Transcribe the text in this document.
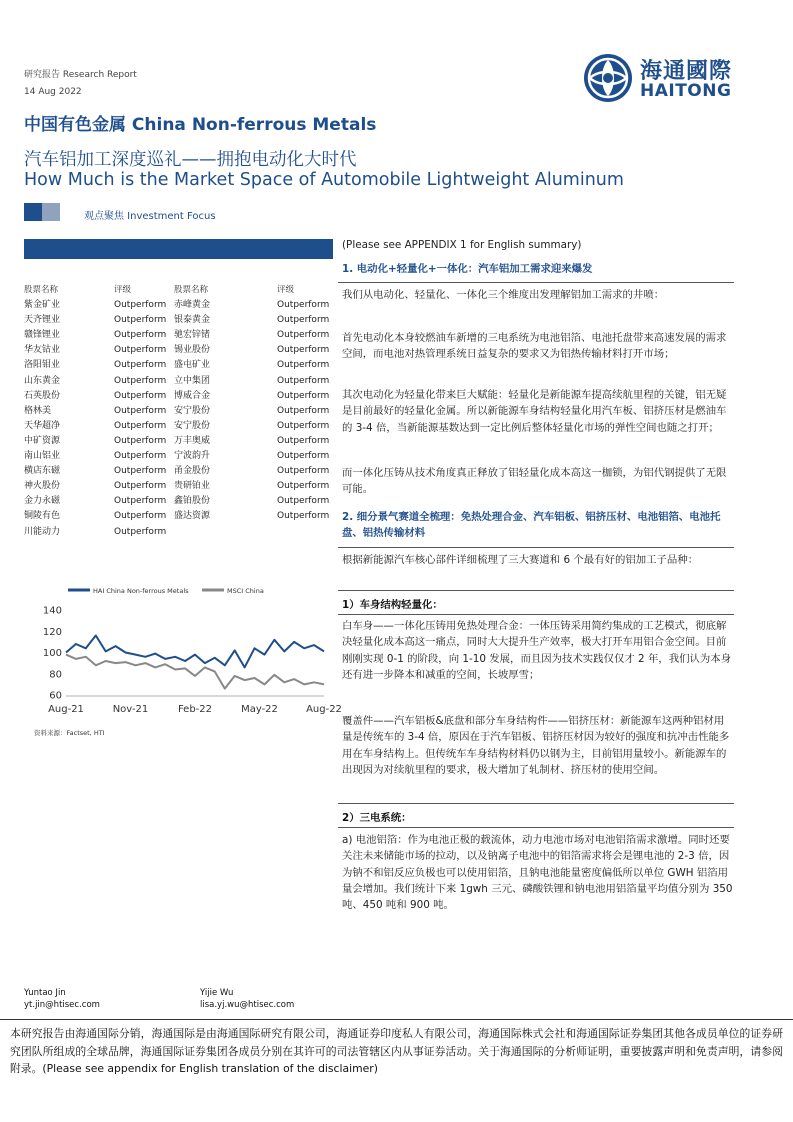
研究报告 Research Report
14 Aug 2022
海通國際
HAITONG
中国有色金属 China Non-ferrous Metals
汽车铝加工深度巡礼——拥抱电动化大时代
How Much is the Market Space of Automobile Lightweight Aluminum
观点聚焦 Investment Focus
股票名称	评级	股票名称	评级
紫金矿业	Outperform	赤峰黄金	Outperform
天齐锂业	Outperform	银泰黄金	Outperform
赣锋锂业	Outperform	驰宏锌锗	Outperform
华友钴业	Outperform	锡业股份	Outperform
洛阳钼业	Outperform	盛屯矿业	Outperform
山东黄金	Outperform	立中集团	Outperform
石英股份	Outperform	博威合金	Outperform
格林美	Outperform	安宁股份	Outperform
天华超净	Outperform	安宁股份	Outperform
中矿资源	Outperform	万丰奥威	Outperform
南山铝业	Outperform	宁波韵升	Outperform
横店东磁	Outperform	甬金股份	Outperform
神火股份	Outperform	贵研铂业	Outperform
金力永磁	Outperform	鑫铂股份	Outperform
铜陵有色	Outperform	盛达资源	Outperform
川能动力	Outperform		
HAI China Non-ferrous Metals	MSCI China
140
120
100
80
60
Aug-21	Nov-21	Feb-22	May-22	Aug-22
资料来源：Factset, HTI
(Please see APPENDIX 1 for English summary)
1. 电动化+轻量化+一体化：汽车铝加工需求迎来爆发
我们从电动化、轻量化、一体化三个维度出发理解铝加工需求的井喷：
首先电动化本身较燃油车新增的三电系统为电池铝箔、电池托盘带来高速发展的需求空间，而电池对热管理系统日益复杂的要求又为铝热传输材料打开市场；
其次电动化为轻量化带来巨大赋能：轻量化是新能源车提高续航里程的关键，铝无疑是目前最好的轻量化金属。所以新能源车身结构轻量化用汽车板、铝挤压材是燃油车的 3-4 倍，当新能源基数达到一定比例后整体轻量化市场的弹性空间也随之打开；
而一体化压铸从技术角度真正释放了铝轻量化成本高这一枷锁，为铝代钢提供了无限可能。
2. 细分景气赛道全梳理：免热处理合金、汽车铝板、铝挤压材、电池铝箔、电池托盘、铝热传输材料
根据新能源汽车核心部件详细梳理了三大赛道和 6 个最有好的铝加工子品种：
1）车身结构轻量化：
白车身——一体化压铸用免热处理合金：一体压铸采用简约集成的工艺模式，彻底解决轻量化成本高这一痛点，同时大大提升生产效率，极大打开车用铝合金空间。目前刚刚实现 0-1 的阶段，向 1-10 发展，而且因为技术实践仅仅才 2 年，我们认为本身还有进一步降本和减重的空间，长坡厚雪；
覆盖件——汽车铝板&底盘和部分车身结构件——铝挤压材：新能源车这两种铝材用量是传统车的 3-4 倍，原因在于汽车铝板、铝挤压材因为较好的强度和抗冲击性能多用在车身结构上。但传统车车身结构材料仍以钢为主，目前铝用量较小。新能源车的出现因为对续航里程的要求，极大增加了轧制材、挤压材的使用空间。
2）三电系统：
a) 电池铝箔：作为电池正极的载流体，动力电池市场对电池铝箔需求激增。同时还要关注未来储能市场的拉动，以及钠离子电池中的铝箔需求将会是锂电池的 2-3 倍，因为钠不和铝反应负极也可以使用铝箔，且钠电池能量密度偏低所以单位 GWH 铝箔用量会增加。我们统计下来 1gwh 三元、磷酸铁锂和钠电池用铝箔量平均值分别为 350 吨、450 吨和 900 吨。
Yuntao Jin
yt.jin@htisec.com
Yijie Wu
lisa.yj.wu@htisec.com
本研究报告由海通国际分销，海通国际是由海通国际研究有限公司，海通证券印度私人有限公司，海通国际株式会社和海通国际证券集团其他各成员单位的证券研究团队所组成的全球品牌，海通国际证券集团各成员分别在其许可的司法管辖区内从事证券活动。关于海通国际的分析师证明，重要披露声明和免责声明，请参阅附录。(Please see appendix for English translation of the disclaimer)
